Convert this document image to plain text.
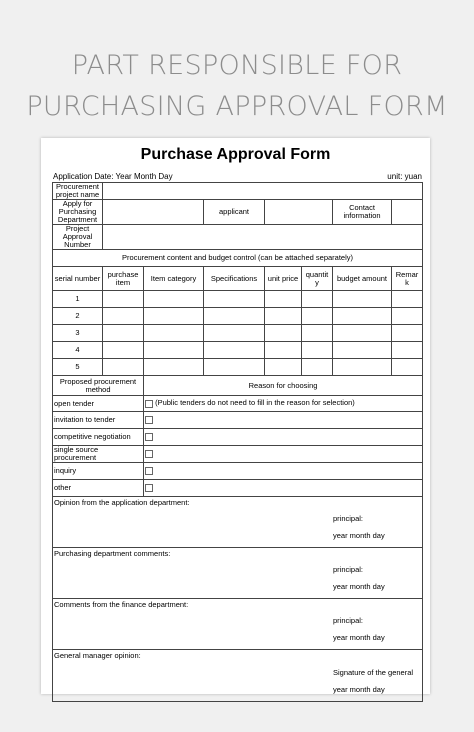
PART RESPONSIBLE FOR
PURCHASING APPROVAL FORM
Purchase Approval Form
Application Date: Year Month Day	unit: yuan
Procurement project name							
Apply for Purchasing Department			applicant			Contact information	
Project Approval Number							
Procurement content and budget control (can be attached separately)							
serial number	purchase item	Item category	Specifications	unit price	quantit y	budget amount	Remar k
1							
2							
3							
4							
5							
Proposed procurement method		Reason for choosing					
open tender		(Public tenders do not need to fill in the reason for selection)					
invitation to tender							
competitive negotiation							
single source procurement							
inquiry							
other							

Opinion from the application department:
principal:
year month day							

Purchasing department comments:
principal:
year month day							

Comments from the finance department:
principal:
year month day							

General manager opinion:
Signature of the general
year month day							
